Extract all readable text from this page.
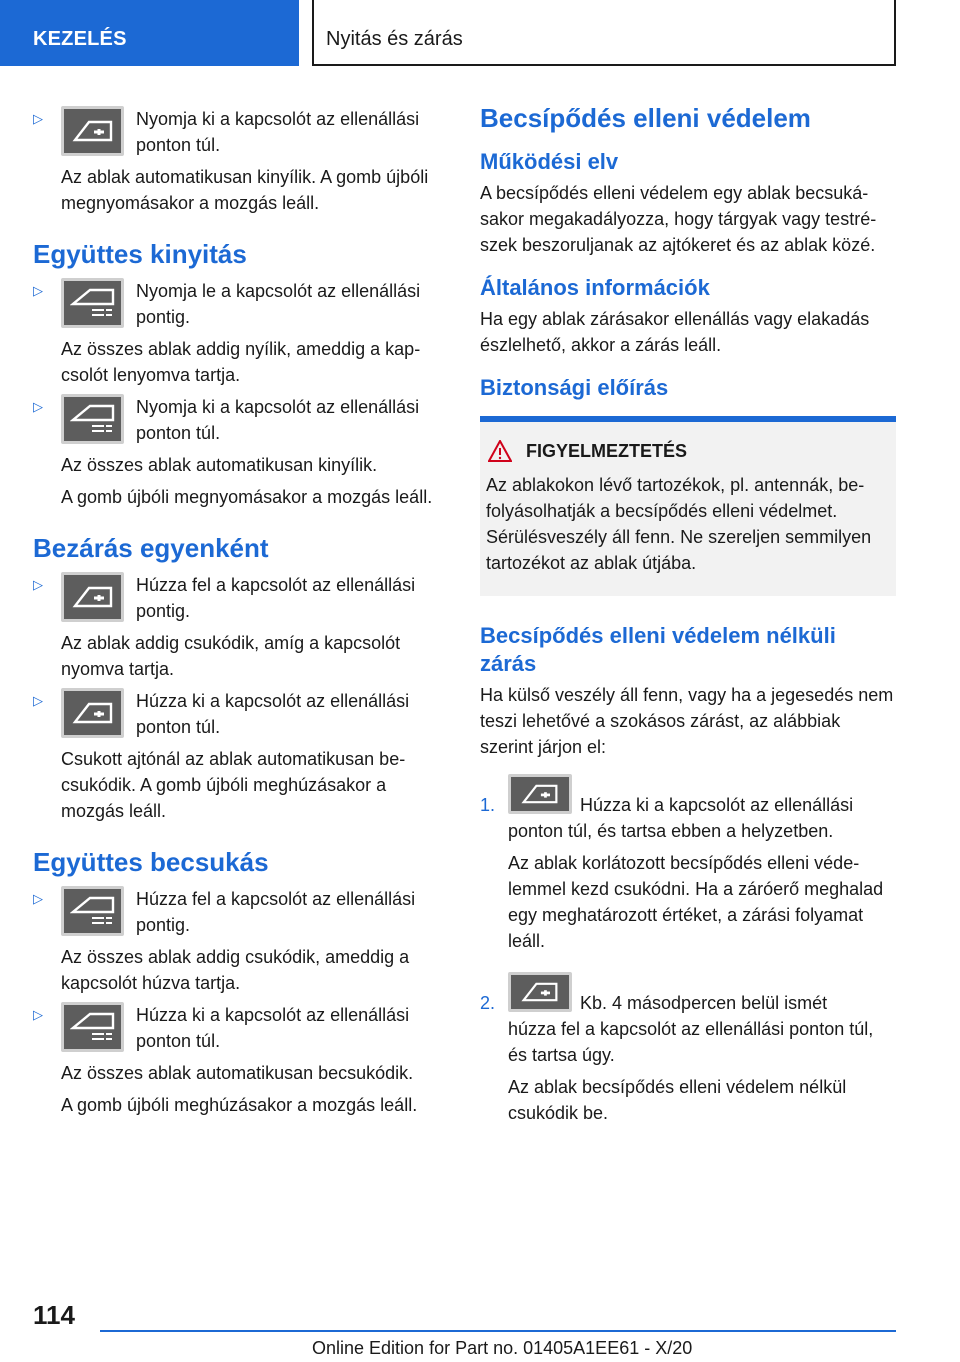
KEZELÉS	Nyitás és zárás
▷	Nyomja ki a kapcsolót az ellenállási ponton túl.
Az ablak automatikusan kinyílik. A gomb újbóli megnyomásakor a mozgás leáll.
Együttes kinyitás
▷	Nyomja le a kapcsolót az ellenállási pontig.
Az összes ablak addig nyílik, ameddig a kapcsolót lenyomva tartja.
▷	Nyomja ki a kapcsolót az ellenállási ponton túl.
Az összes ablak automatikusan kinyílik.
A gomb újbóli megnyomásakor a mozgás leáll.
Bezárás egyenként
▷	Húzza fel a kapcsolót az ellenállási pontig.
Az ablak addig csukódik, amíg a kapcsolót nyomva tartja.
▷	Húzza ki a kapcsolót az ellenállási ponton túl.
Csukott ajtónál az ablak automatikusan becsukódik. A gomb újbóli meghúzásakor a mozgás leáll.
Együttes becsukás
▷	Húzza fel a kapcsolót az ellenállási pontig.
Az összes ablak addig csukódik, ameddig a kapcsolót húzva tartja.
▷	Húzza ki a kapcsolót az ellenállási ponton túl.
Az összes ablak automatikusan becsukódik.
A gomb újbóli meghúzásakor a mozgás leáll.
Becsípődés elleni védelem
Működési elv
A becsípődés elleni védelem egy ablak becsukásakor megakadályozza, hogy tárgyak vagy testrészek beszoruljanak az ajtókeret és az ablak közé.
Általános információk
Ha egy ablak zárásakor ellenállás vagy elakadás észlelhető, akkor a zárás leáll.
Biztonsági előírás
FIGYELMEZTETÉS
Az ablakokon lévő tartozékok, pl. antennák, befolyásolhatják a becsípődés elleni védelmet. Sérülésveszély áll fenn. Ne szereljen semmilyen tartozékot az ablak útjába.
Becsípődés elleni védelem nélküli zárás
Ha külső veszély áll fenn, vagy ha a jegesedés nem teszi lehetővé a szokásos zárást, az alábbiak szerint járjon el:
1.	Húzza ki a kapcsolót az ellenállási
ponton túl, és tartsa ebben a helyzetben.
Az ablak korlátozott becsípődés elleni védelemmel kezd csukódni. Ha a záróerő meghalad egy meghatározott értéket, a zárási folyamat leáll.
2.	Kb. 4 másodpercen belül ismét
húzza fel a kapcsolót az ellenállási ponton túl, és tartsa úgy.
Az ablak becsípődés elleni védelem nélkül csukódik be.
114
Online Edition for Part no. 01405A1EE61 - X/20
